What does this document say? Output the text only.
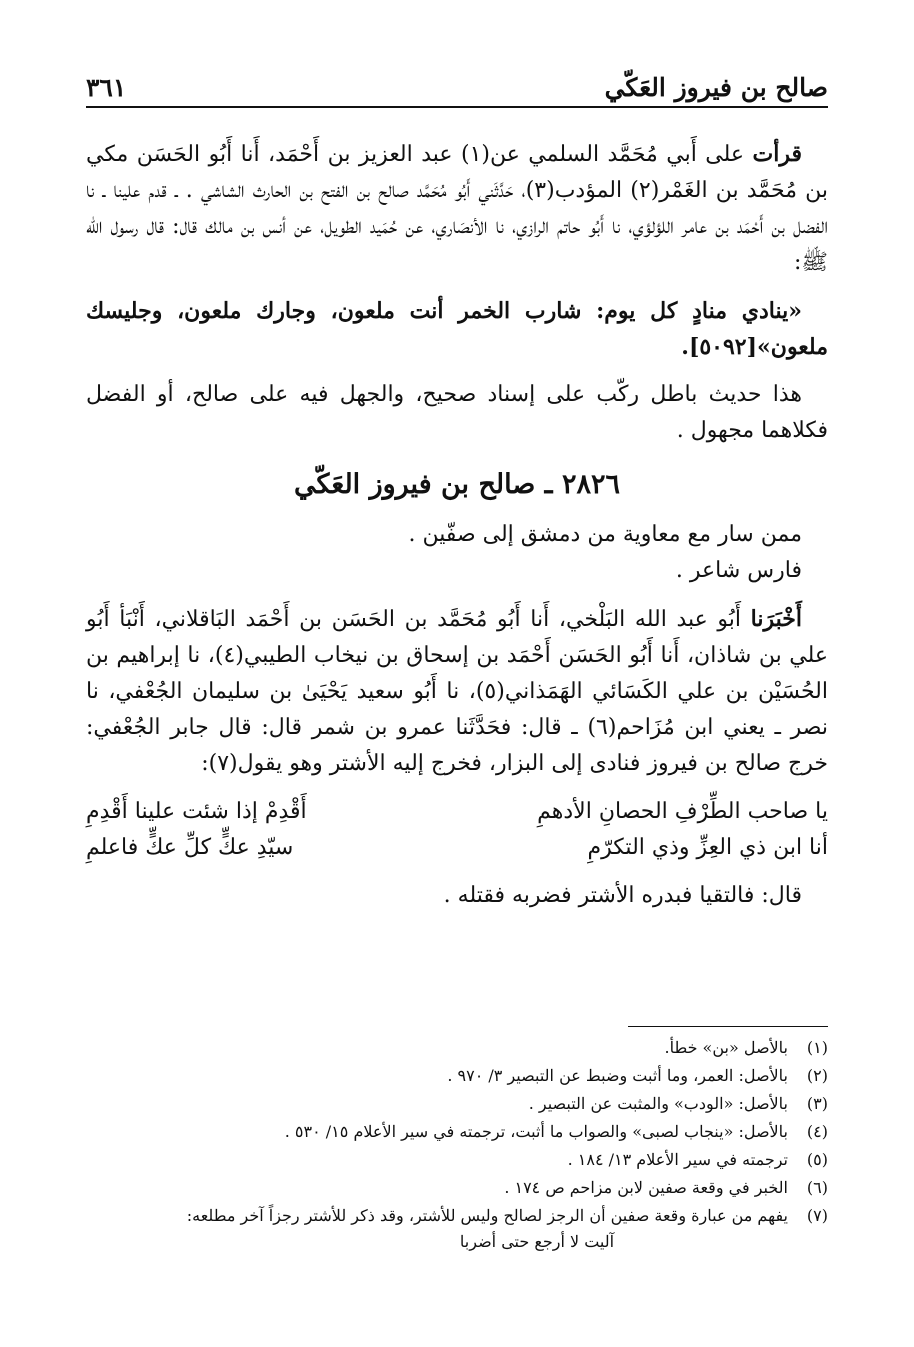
صالح بن فيروز العَكّي
٣٦١

قرأت على أَبي مُحَمَّد السلمي عن(١) عبد العزيز بن أَحْمَد، أَنا أَبُو الحَسَن مكي بن مُحَمَّد بن الغَمْر(٢) المؤدب(٣)، حَدَّثَني أَبُو مُحَمَّد صالح بن الفتح بن الحارث الشاشي . ـ قدم علينا ـ نا الفضل بن أَحْمَد بن عامر اللؤلؤي، نا أَبُو حاتم الرازي، نا الأنصَاري، عن حُمَيد الطويل، عن أنس بن مالك قال: قال رسول الله ﷺ:

«ينادي منادٍ كل يوم: شارب الخمر أنت ملعون، وجارك ملعون، وجليسك ملعون»[٥٠٩٢].

هذا حديث باطل ركّب على إسناد صحيح، والجهل فيه على صالح، أو الفضل فكلاهما مجهول .

٢٨٢٦ ـ صالح بن فيروز العَكّي

ممن سار مع معاوية من دمشق إلى صفّين .

فارس شاعر .

أَخْبَرَنا أَبُو عبد الله البَلْخي، أَنا أَبُو مُحَمَّد بن الحَسَن بن أَحْمَد البَاقلاني، أَنْبَأ أَبُو علي بن شاذان، أَنا أَبُو الحَسَن أَحْمَد بن إسحاق بن نيخاب الطيبي(٤)، نا إبراهيم بن الحُسَيْن بن علي الكَسَائي الهَمَذاني(٥)، نا أَبُو سعيد يَحْيَىٰ بن سليمان الجُعْفي، نا نصر ـ يعني ابن مُزَاحم(٦) ـ قال: فحَدَّثَنا عمرو بن شمر قال: قال جابر الجُعْفي: خرج صالح بن فيروز فنادى إلى البزار، فخرج إليه الأشتر وهو يقول(٧):

يا صاحب الطِّرْفِ الحصانِ الأدهمِ
أَقْدِمْ إذا شئت علينا أَقْدِمِ
أنا ابن ذي العِزِّ وذي التكرّمِ
سيّدِ عكٍّ كلِّ عكٍّ فاعلمِ

قال: فالتقيا فبدره الأشتر فضربه فقتله .

(١)
بالأصل «بن» خطأ.
(٢)
بالأصل: العمر، وما أثبت وضبط عن التبصير ٣/ ٩٧٠ .
(٣)
بالأصل: «الودب» والمثبت عن التبصير .
(٤)
بالأصل: «ينجاب لصبى» والصواب ما أثبت، ترجمته في سير الأعلام ١٥/ ٥٣٠ .
(٥)
ترجمته في سير الأعلام ١٣/ ١٨٤ .
(٦)
الخبر في وقعة صفين لابن مزاحم ص ١٧٤ .
(٧)
يفهم من عبارة وقعة صفين أن الرجز لصالح وليس للأشتر، وقد ذكر للأشتر رجزاً آخر مطلعه:
آليت لا أرجع حتى أضربا
